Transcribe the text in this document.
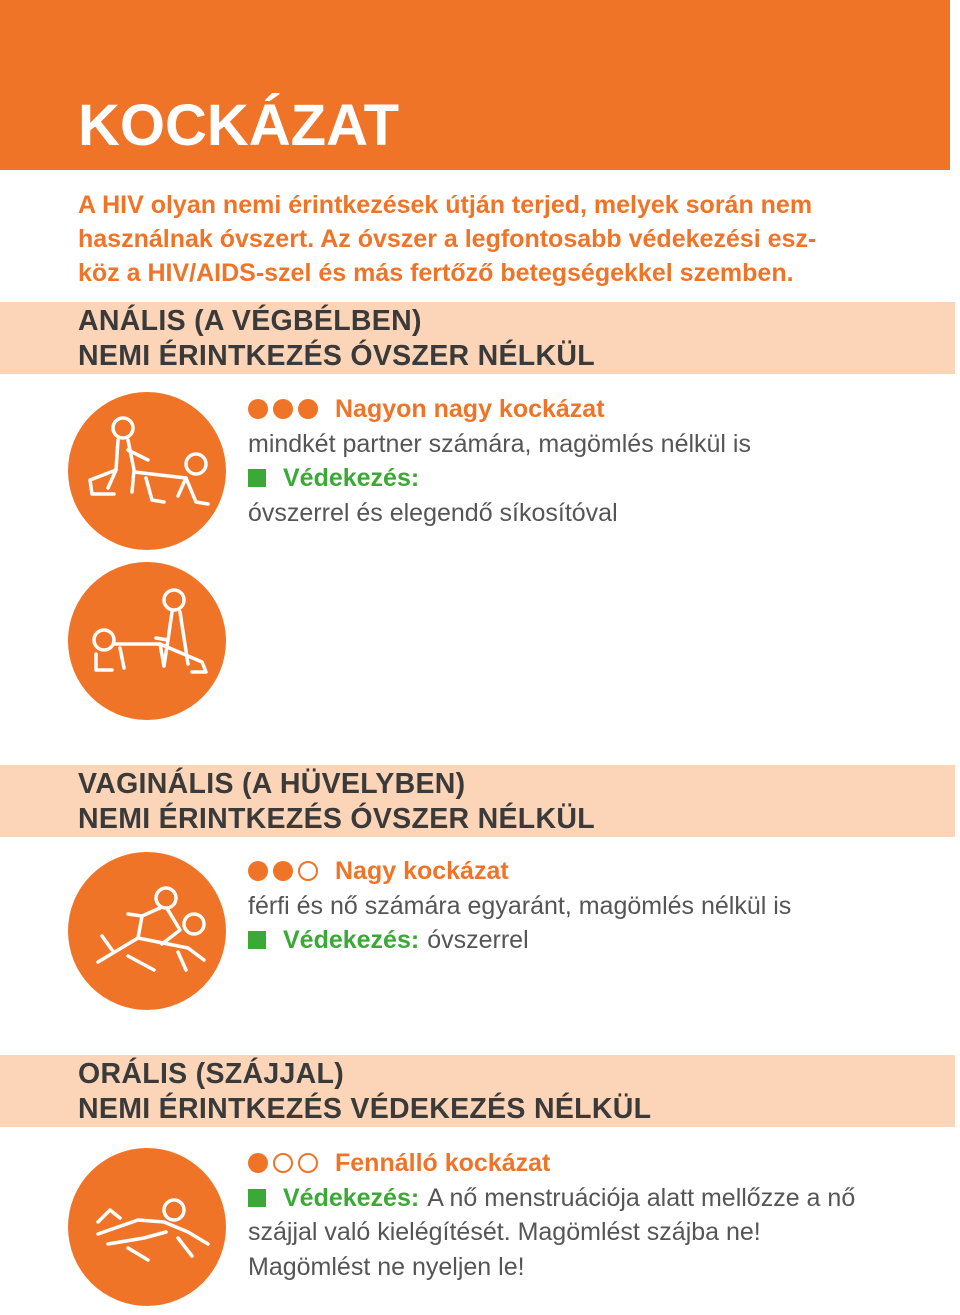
KOCKÁZAT
A HIV olyan nemi érintkezések útján terjed, melyek során nem
használnak óvszert. Az óvszer a legfontosabb védekezési esz-
köz a HIV/AIDS-szel és más fertőző betegségekkel szemben.
ANÁLIS (A VÉGBÉLBEN)
NEMI ÉRINTKEZÉS ÓVSZER NÉLKÜL
Nagyon nagy kockázat
mindkét partner számára, magömlés nélkül is
Védekezés:
óvszerrel és elegendő síkosítóval
VAGINÁLIS (A HÜVELYBEN)
NEMI ÉRINTKEZÉS ÓVSZER NÉLKÜL
Nagy kockázat
férfi és nő számára egyaránt, magömlés nélkül is
Védekezés: óvszerrel
ORÁLIS (SZÁJJAL)
NEMI ÉRINTKEZÉS VÉDEKEZÉS NÉLKÜL
Fennálló kockázat
Védekezés: A nő menstruációja alatt mellőzze a nő
szájjal való kielégítését. Magömlést szájba ne!
Magömlést ne nyeljen le!
